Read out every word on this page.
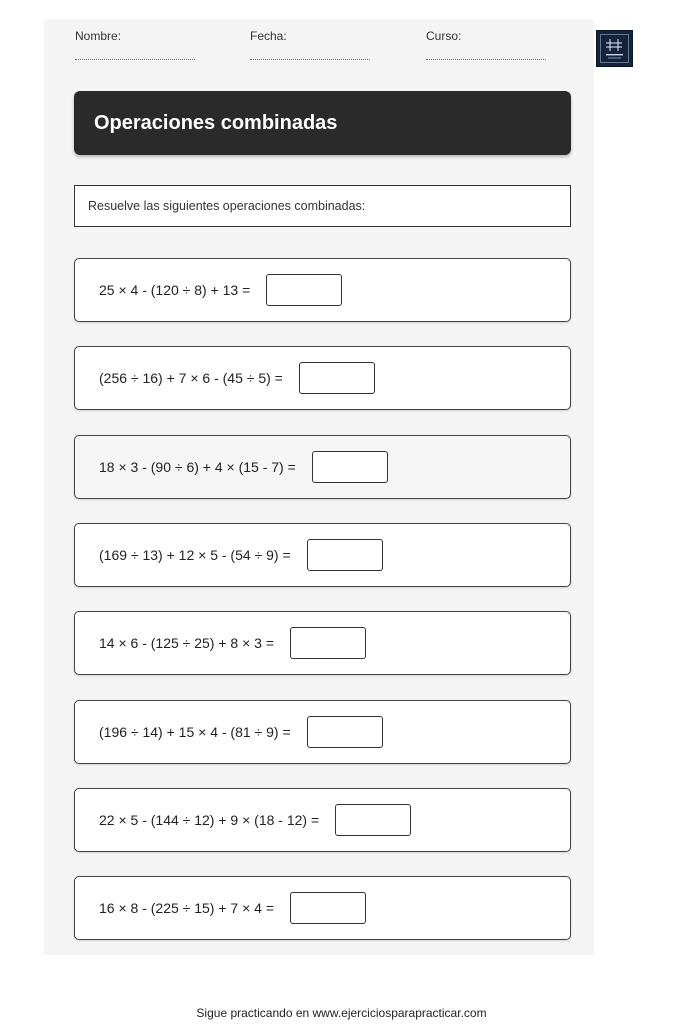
Nombre:	Fecha:	Curso:
Operaciones combinadas
Resuelve las siguientes operaciones combinadas:
25 × 4 - (120 ÷ 8) + 13 =
(256 ÷ 16) + 7 × 6 - (45 ÷ 5) =
18 × 3 - (90 ÷ 6) + 4 × (15 - 7) =
(169 ÷ 13) + 12 × 5 - (54 ÷ 9) =
14 × 6 - (125 ÷ 25) + 8 × 3 =
(196 ÷ 14) + 15 × 4 - (81 ÷ 9) =
22 × 5 - (144 ÷ 12) + 9 × (18 - 12) =
16 × 8 - (225 ÷ 15) + 7 × 4 =
Sigue practicando en www.ejerciciosparapracticar.com
